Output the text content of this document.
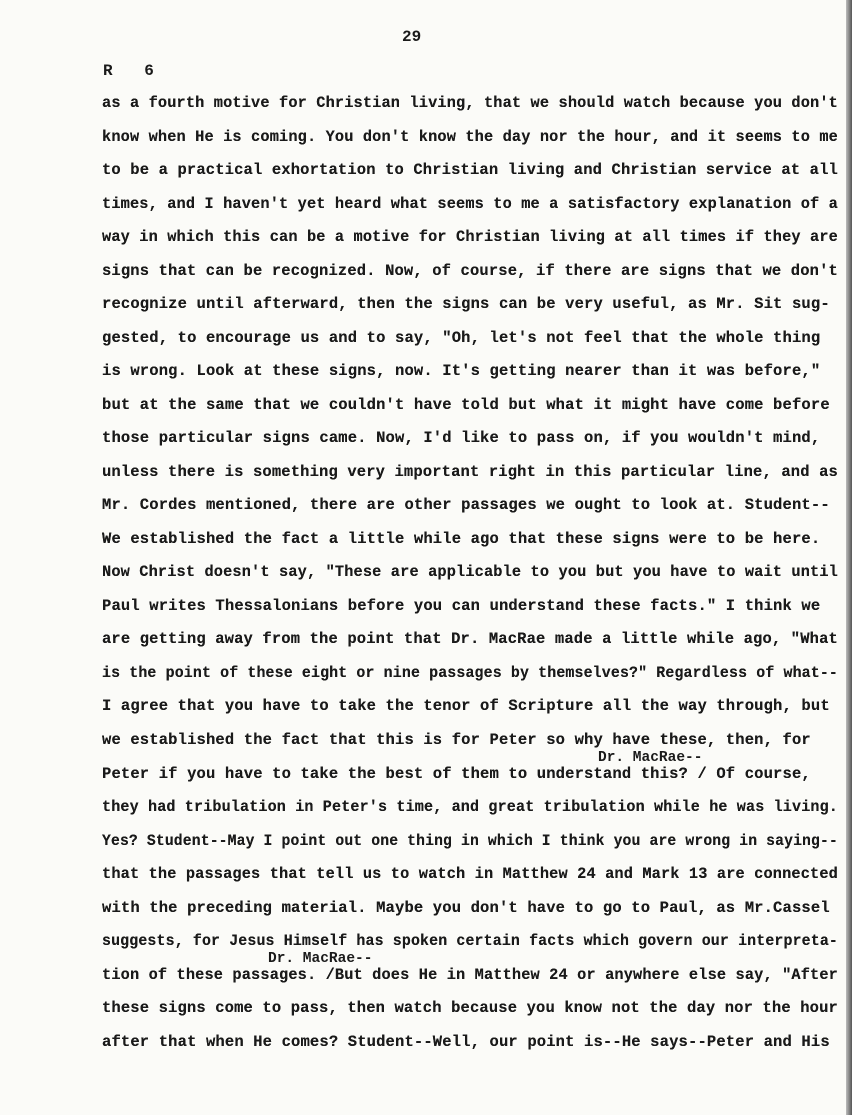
29
R 6
as a fourth motive for Christian living, that we should watch because you don't
know when He is coming. You don't know the day nor the hour, and it seems to me
to be a practical exhortation to Christian living and Christian service at all
times, and I haven't yet heard what seems to me a satisfactory explanation of a
way in which this can be a motive for Christian living at all times if they are
signs that can be recognized. Now, of course, if there are signs that we don't
recognize until afterward, then the signs can be very useful, as Mr. Sit sug-
gested, to encourage us and to say, "Oh, let's not feel that the whole thing
is wrong. Look at these signs, now. It's getting nearer than it was before,"
but at the same that we couldn't have told but what it might have come before
those particular signs came. Now, I'd like to pass on, if you wouldn't mind,
unless there is something very important right in this particular line, and as
Mr. Cordes mentioned, there are other passages we ought to look at. Student--
We established the fact a little while ago that these signs were to be here.
Now Christ doesn't say, "These are applicable to you but you have to wait until
Paul writes Thessalonians before you can understand these facts." I think we
are getting away from the point that Dr. MacRae made a little while ago, "What
is the point of these eight or nine passages by themselves?" Regardless of what--
I agree that you have to take the tenor of Scripture all the way through, but
we established the fact that this is for Peter so why have these, then, for
Peter if you have to take the best of them to understand this? / Of course,
they had tribulation in Peter's time, and great tribulation while he was living.
Yes? Student--May I point out one thing in which I think you are wrong in saying--
that the passages that tell us to watch in Matthew 24 and Mark 13 are connected
with the preceding material. Maybe you don't have to go to Paul, as Mr.Cassel
suggests, for Jesus Himself has spoken certain facts which govern our interpreta-
tion of these passages. /But does He in Matthew 24 or anywhere else say, "After
these signs come to pass, then watch because you know not the day nor the hour
after that when He comes? Student--Well, our point is--He says--Peter and His
Dr. MacRae--
Dr. MacRae--
